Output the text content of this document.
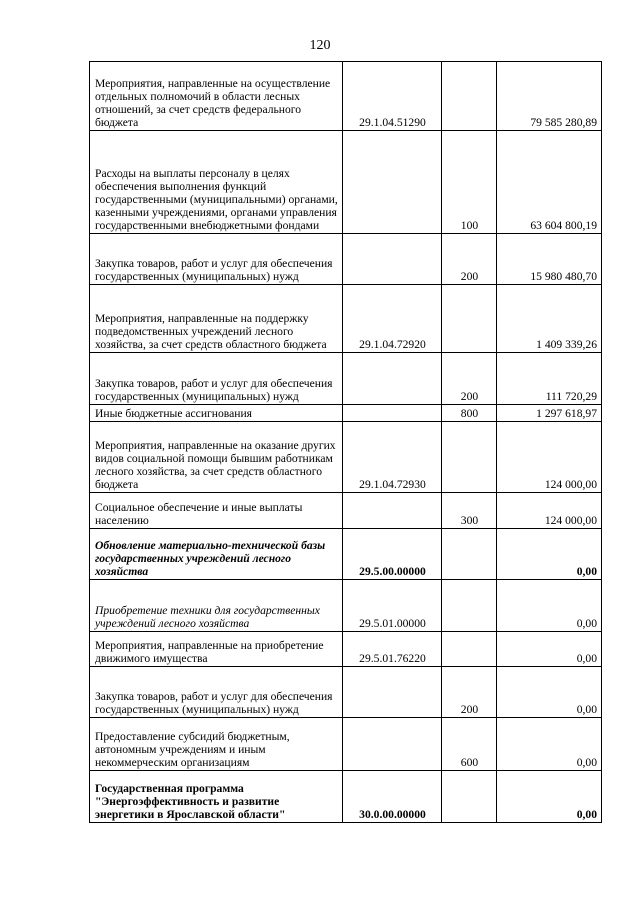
120
Мероприятия, направленные на осуществление отдельных полномочий в области лесных отношений, за счет средств федерального бюджета	29.1.04.51290		79 585 280,89
Расходы на выплаты персоналу в целях обеспечения выполнения функций государственными (муниципальными) органами, казенными учреждениями, органами управления государственными внебюджетными фондами		100	63 604 800,19
Закупка товаров, работ и услуг для обеспечения государственных (муниципальных) нужд		200	15 980 480,70
Мероприятия, направленные на поддержку подведомственных учреждений лесного хозяйства, за счет средств областного бюджета	29.1.04.72920		1 409 339,26
Закупка товаров, работ и услуг для обеспечения государственных (муниципальных) нужд		200	111 720,29
Иные бюджетные ассигнования		800	1 297 618,97
Мероприятия, направленные на оказание других видов социальной помощи бывшим работникам лесного хозяйства, за счет средств областного бюджета	29.1.04.72930		124 000,00
Социальное обеспечение и иные выплаты населению		300	124 000,00
Обновление материально-технической базы государственных учреждений лесного хозяйства	29.5.00.00000		0,00
Приобретение техники для государственных учреждений лесного хозяйства	29.5.01.00000		0,00
Мероприятия, направленные на приобретение движимого имущества	29.5.01.76220		0,00
Закупка товаров, работ и услуг для обеспечения государственных (муниципальных) нужд		200	0,00
Предоставление субсидий бюджетным, автономным учреждениям и иным некоммерческим организациям		600	0,00
Государственная программа "Энергоэффективность и развитие энергетики в Ярославской области"	30.0.00.00000		0,00
